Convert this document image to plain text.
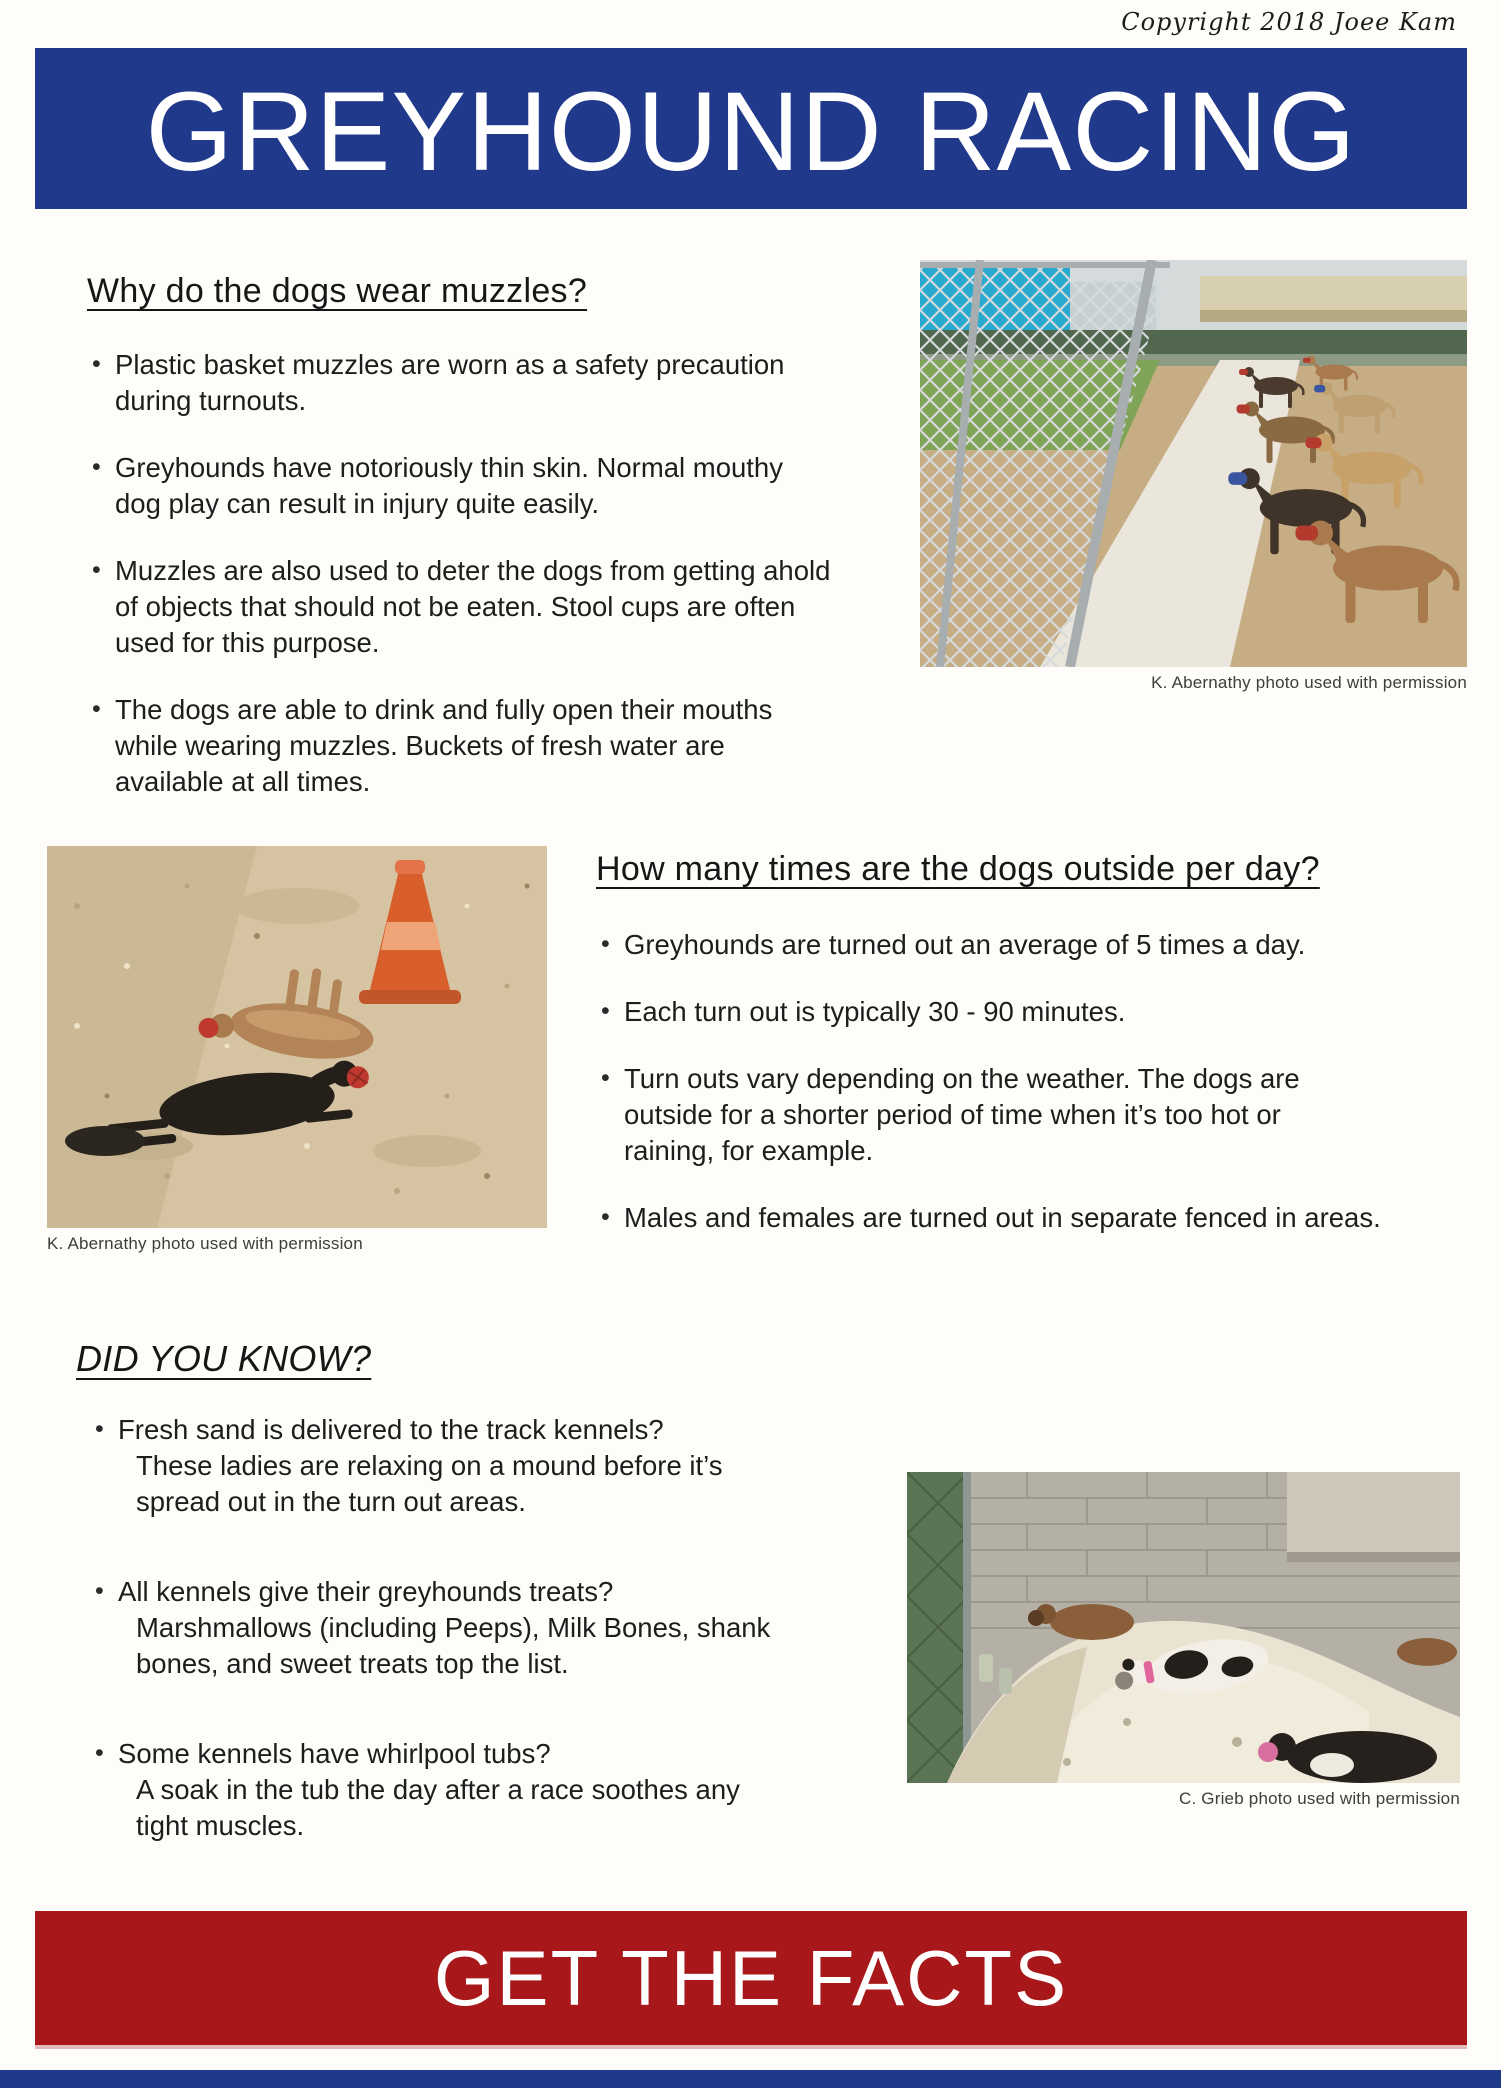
Copyright 2018 Joee Kam
GREYHOUND RACING
Why do the dogs wear muzzles?
• Plastic basket muzzles are worn as a safety precaution during turnouts.
• Greyhounds have notoriously thin skin. Normal mouthy dog play can result in injury quite easily.
• Muzzles are also used to deter the dogs from getting ahold of objects that should not be eaten. Stool cups are often used for this purpose.
• The dogs are able to drink and fully open their mouths while wearing muzzles. Buckets of fresh water are available at all times.
K. Abernathy photo used with permission
K. Abernathy photo used with permission
How many times are the dogs outside per day?
• Greyhounds are turned out an average of 5 times a day.
• Each turn out is typically 30 - 90 minutes.
• Turn outs vary depending on the weather. The dogs are outside for a shorter period of time when it’s too hot or raining, for example.
• Males and females are turned out in separate fenced in areas.
DID YOU KNOW?
• Fresh sand is delivered to the track kennels?
These ladies are relaxing on a mound before it’s spread out in the turn out areas.
• All kennels give their greyhounds treats?
Marshmallows (including Peeps), Milk Bones, shank bones, and sweet treats top the list.
• Some kennels have whirlpool tubs?
A soak in the tub the day after a race soothes any tight muscles.
C. Grieb photo used with permission
GET THE FACTS
